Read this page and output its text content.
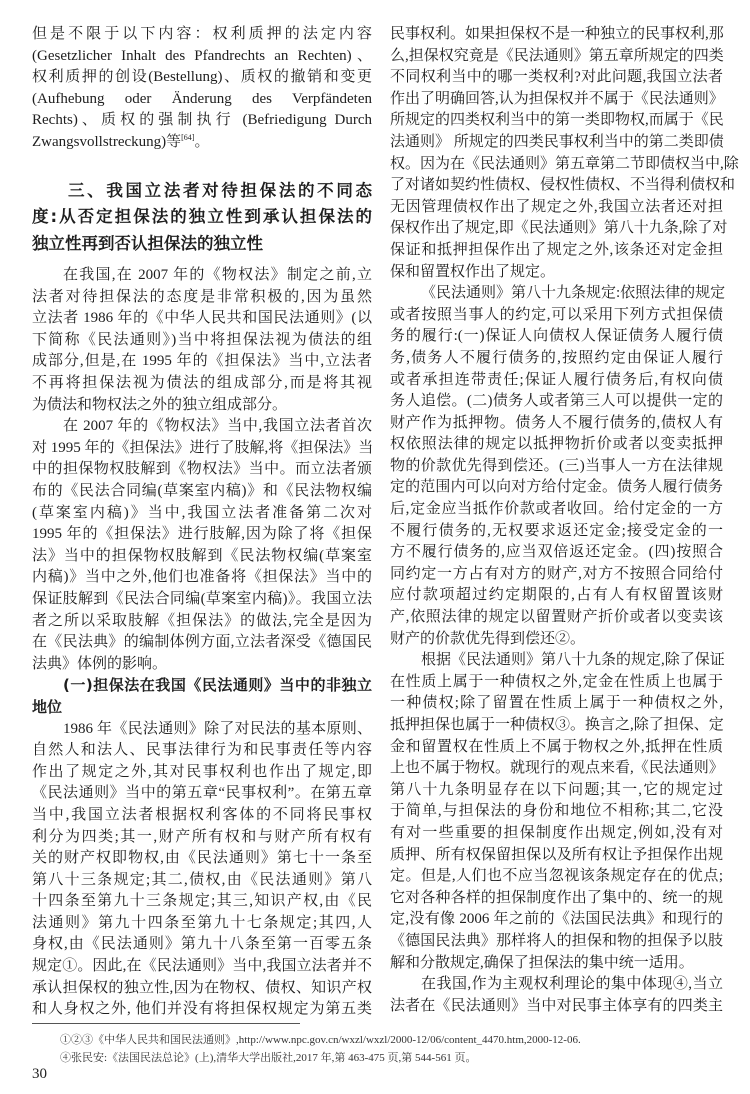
但是不限于以下内容：权利质押的法定内容
(Gesetzlicher Inhalt des Pfandrechts an Rechten)、
权利质押的创设(Bestellung)、质权的撤销和变更
(Aufhebung oder Änderung des Verpfändeten
Rechts)、质权的强制执行 (Befriedigung Durch
Zwangsvollstreckung)等[64]。
三、我国立法者对待担保法的不同态
度:从否定担保法的独立性到承认担保法的
独立性再到否认担保法的独立性
在我国,在 2007 年的《物权法》制定之前,立
法者对待担保法的态度是非常积极的,因为虽然
立法者 1986 年的《中华人民共和国民法通则》(以
下简称《民法通则》)当中将担保法视为债法的组
成部分,但是,在 1995 年的《担保法》当中,立法者
不再将担保法视为债法的组成部分,而是将其视
为债法和物权法之外的独立组成部分。
在 2007 年的《物权法》当中,我国立法者首次
对 1995 年的《担保法》进行了肢解,将《担保法》当
中的担保物权肢解到《物权法》当中。而立法者颁
布的《民法合同编(草案室内稿)》和《民法物权编
(草案室内稿)》当中,我国立法者准备第二次对
1995 年的《担保法》进行肢解,因为除了将《担保
法》当中的担保物权肢解到《民法物权编(草案室
内稿)》当中之外,他们也准备将《担保法》当中的
保证肢解到《民法合同编(草案室内稿)》。我国立法
者之所以采取肢解《担保法》的做法,完全是因为
在《民法典》的编制体例方面,立法者深受《德国民
法典》体例的影响。
(一)担保法在我国《民法通则》当中的非独立
地位
1986 年《民法通则》除了对民法的基本原则、
自然人和法人、民事法律行为和民事责任等内容
作出了规定之外,其对民事权利也作出了规定,即
《民法通则》当中的第五章“民事权利”。在第五章
当中,我国立法者根据权利客体的不同将民事权
利分为四类;其一,财产所有权和与财产所有权有
关的财产权即物权,由《民法通则》第七十一条至
第八十三条规定;其二,债权,由《民法通则》第八
十四条至第九十三条规定;其三,知识产权,由《民
法通则》第九十四条至第九十七条规定;其四,人
身权,由《民法通则》第九十八条至第一百零五条
规定①。因此,在《民法通则》当中,我国立法者并不
承认担保权的独立性,因为在物权、债权、知识产权
和人身权之外, 他们并没有将担保权规定为第五类
民事权利。如果担保权不是一种独立的民事权利,那
么,担保权究竟是《民法通则》第五章所规定的四类
不同权利当中的哪一类权利?对此问题,我国立法者
作出了明确回答,认为担保权并不属于《民法通则》
所规定的四类权利当中的第一类即物权,而属于《民
法通则》 所规定的四类民事权利当中的第二类即债
权。因为在《民法通则》第五章第二节即债权当中,除
了对诸如契约性债权、侵权性债权、不当得利债权和
无因管理债权作出了规定之外,我国立法者还对担
保权作出了规定,即《民法通则》第八十九条,除了对
保证和抵押担保作出了规定之外,该条还对定金担
保和留置权作出了规定。
《民法通则》第八十九条规定:依照法律的规定
或者按照当事人的约定,可以采用下列方式担保债
务的履行:(一)保证人向债权人保证债务人履行债
务,债务人不履行债务的,按照约定由保证人履行
或者承担连带责任;保证人履行债务后,有权向债
务人追偿。(二)债务人或者第三人可以提供一定的
财产作为抵押物。债务人不履行债务的,债权人有
权依照法律的规定以抵押物折价或者以变卖抵押
物的价款优先得到偿还。(三)当事人一方在法律规
定的范围内可以向对方给付定金。债务人履行债务
后,定金应当抵作价款或者收回。给付定金的一方
不履行债务的,无权要求返还定金;接受定金的一
方不履行债务的,应当双倍返还定金。(四)按照合
同约定一方占有对方的财产,对方不按照合同给付
应付款项超过约定期限的,占有人有权留置该财
产,依照法律的规定以留置财产折价或者以变卖该
财产的价款优先得到偿还②。
根据《民法通则》第八十九条的规定,除了保证
在性质上属于一种债权之外,定金在性质上也属于
一种债权;除了留置在性质上属于一种债权之外,
抵押担保也属于一种债权③。换言之,除了担保、定
金和留置权在性质上不属于物权之外,抵押在性质
上也不属于物权。就现行的观点来看,《民法通则》
第八十九条明显存在以下问题;其一,它的规定过
于简单,与担保法的身份和地位不相称;其二,它没
有对一些重要的担保制度作出规定,例如,没有对
质押、所有权保留担保以及所有权让予担保作出规
定。但是,人们也不应当忽视该条规定存在的优点;
它对各种各样的担保制度作出了集中的、统一的规
定,没有像 2006 年之前的《法国民法典》和现行的
《德国民法典》那样将人的担保和物的担保予以肢
解和分散规定,确保了担保法的集中统一适用。
在我国,作为主观权利理论的集中体现④,当立
法者在《民法通则》当中对民事主体享有的四类主
①②③《中华人民共和国民法通则》,http://www.npc.gov.cn/wxzl/wxzl/2000-12/06/content_4470.htm,2000-12-06.
④张民安:《法国民法总论》(上),清华大学出版社,2017 年,第 463-475 页,第 544-561 页。
30
